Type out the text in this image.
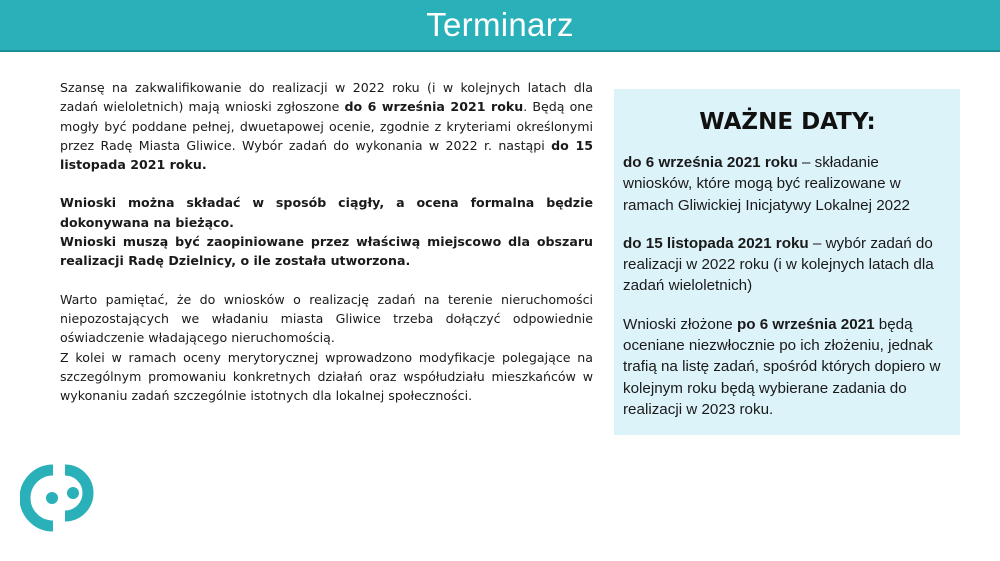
Terminarz

Szansę na zakwalifikowanie do realizacji w 2022 roku (i w kolejnych latach dla zadań wieloletnich) mają wnioski zgłoszone do 6 września 2021 roku. Będą one mogły być poddane pełnej, dwuetapowej ocenie, zgodnie z kryteriami określonymi przez Radę Miasta Gliwice. Wybór zadań do wykonania w 2022 r. nastąpi do 15 listopada 2021 roku.

Wnioski można składać w sposób ciągły, a ocena formalna będzie dokonywana na bieżąco.

Wnioski muszą być zaopiniowane przez właściwą miejscowo dla obszaru realizacji Radę Dzielnicy, o ile została utworzona.

Warto pamiętać, że do wniosków o realizację zadań na terenie nieruchomości niepozostających we władaniu miasta Gliwice trzeba dołączyć odpowiednie oświadczenie władającego nieruchomością.

Z kolei w ramach oceny merytorycznej wprowadzono modyfikacje polegające na szczególnym promowaniu konkretnych działań oraz współudziału mieszkańców w wykonaniu zadań szczególnie istotnych dla lokalnej społeczności.

WAŻNE DATY:

do 6 września 2021 roku – składanie wniosków, które mogą być realizowane w ramach Gliwickiej Inicjatywy Lokalnej 2022

do 15 listopada 2021 roku – wybór zadań do realizacji w 2022 roku (i w kolejnych latach dla zadań wieloletnich)

Wnioski złożone po 6 września 2021 będą oceniane niezwłocznie po ich złożeniu, jednak trafią na listę zadań, spośród których dopiero w kolejnym roku będą wybierane zadania do realizacji w 2023 roku.
